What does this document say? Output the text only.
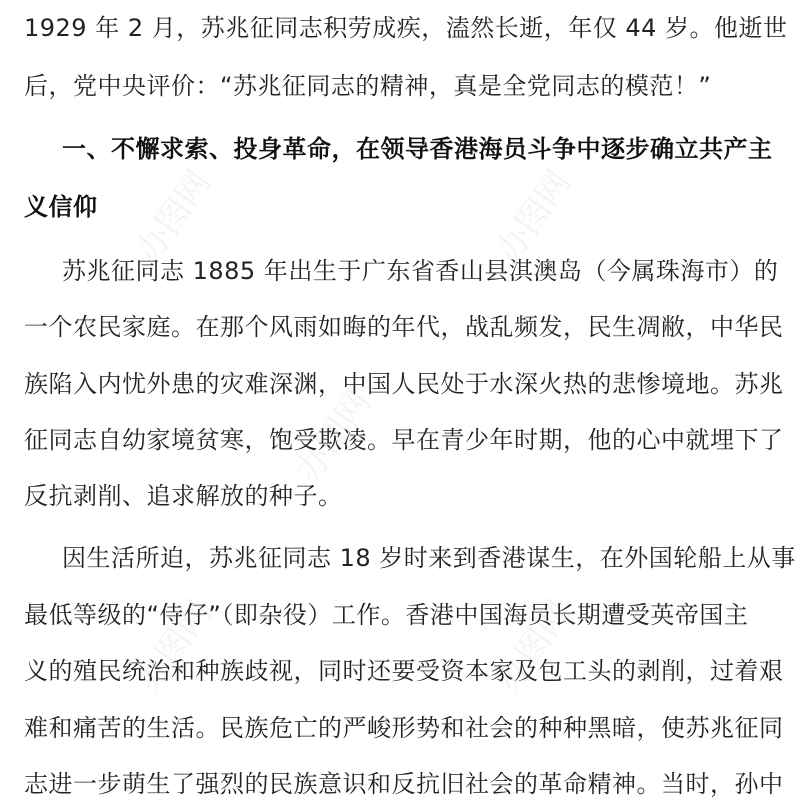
办图网	办图网
办图网
办图网	办图网
1929 年 2 月，苏兆征同志积劳成疾，溘然长逝，年仅 44 岁。他逝世
后，党中央评价：“苏兆征同志的精神，真是全党同志的模范！”
一、不懈求索、投身革命，在领导香港海员斗争中逐步确立共产主
义信仰
苏兆征同志 1885 年出生于广东省香山县淇澳岛（今属珠海市）的
一个农民家庭。在那个风雨如晦的年代，战乱频发，民生凋敝，中华民
族陷入内忧外患的灾难深渊，中国人民处于水深火热的悲惨境地。苏兆
征同志自幼家境贫寒，饱受欺凌。早在青少年时期，他的心中就埋下了
反抗剥削、追求解放的种子。
因生活所迫，苏兆征同志 18 岁时来到香港谋生，在外国轮船上从事
最低等级的“侍仔”（即杂役）工作。香港中国海员长期遭受英帝国主
义的殖民统治和种族歧视，同时还要受资本家及包工头的剥削，过着艰
难和痛苦的生活。民族危亡的严峻形势和社会的种种黑暗，使苏兆征同
志进一步萌生了强烈的民族意识和反抗旧社会的革命精神。当时，孙中
